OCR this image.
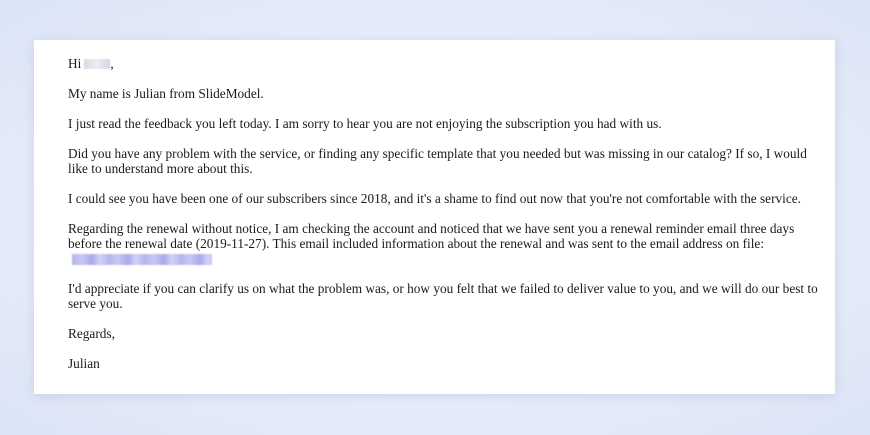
Hi ,

My name is Julian from SlideModel.

I just read the feedback you left today. I am sorry to hear you are not enjoying the subscription you had with us.

Did you have any problem with the service, or finding any specific template that you needed but was missing in our catalog? If so, I would like to understand more about this.

I could see you have been one of our subscribers since 2018, and it's a shame to find out now that you're not comfortable with the service.

Regarding the renewal without notice, I am checking the account and noticed that we have sent you a renewal reminder email three days before the renewal date (2019-11-27). This email included information about the renewal and was sent to the email address on file:

I'd appreciate if you can clarify us on what the problem was, or how you felt that we failed to deliver value to you, and we will do our best to serve you.

Regards,

Julian
